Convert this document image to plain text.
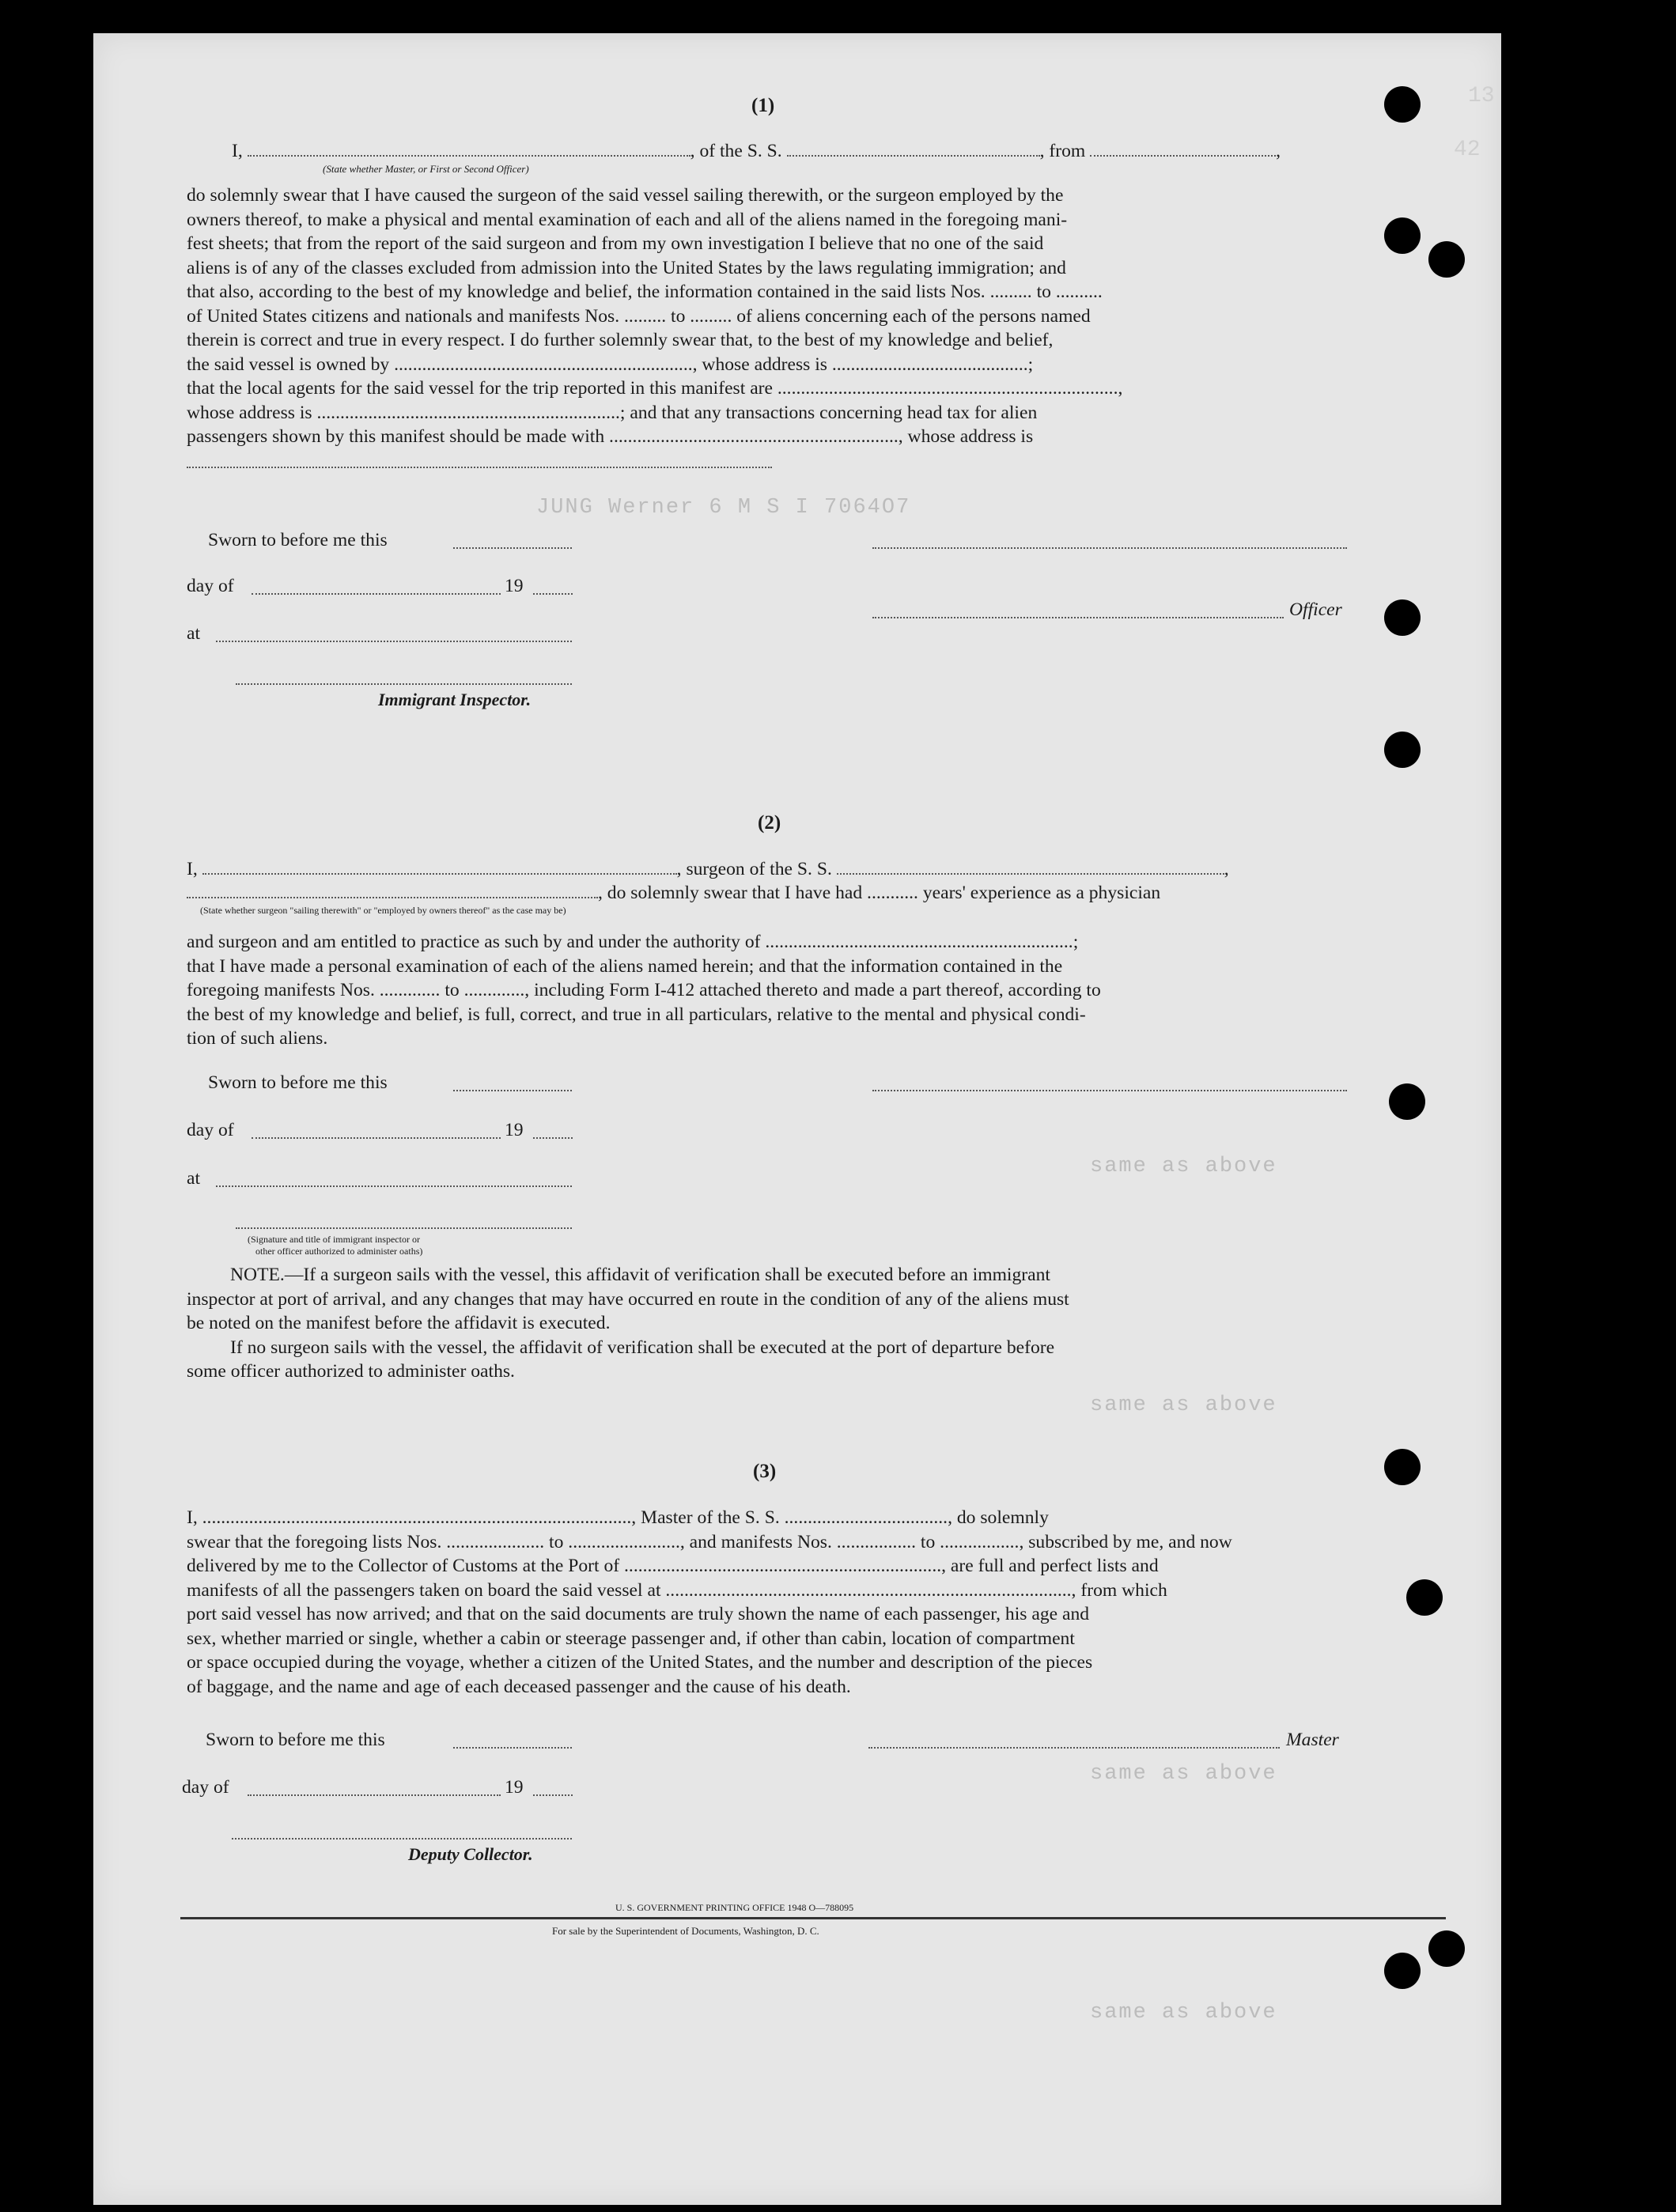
42
13
JUNG Werner 6 M S I 7064O7
same as above
same as above
same as above
same as above
(1)
I,	, of the S. S.	, from	,
(State whether Master, or First or Second Officer)

do solemnly swear that I have caused the surgeon of the said vessel sailing therewith, or the surgeon employed by the

owners thereof, to make a physical and mental examination of each and all of the aliens named in the foregoing mani-

fest sheets; that from the report of the said surgeon and from my own investigation I believe that no one of the said

aliens is of any of the classes excluded from admission into the United States by the laws regulating immigration; and

that also, according to the best of my knowledge and belief, the information contained in the said lists Nos. ......... to ..........

of United States citizens and nationals and manifests Nos. ......... to ......... of aliens concerning each of the persons named

therein is correct and true in every respect. I do further solemnly swear that, to the best of my knowledge and belief,

the said vessel is owned by ................................................................, whose address is ..........................................;

that the local agents for the said vessel for the trip reported in this manifest are .........................................................................,

whose address is .................................................................; and that any transactions concerning head tax for alien

passengers shown by this manifest should be made with .............................................................., whose address is

Sworn to before me this
day of	19
Officer
at
Immigrant Inspector.
(2)
I,	, surgeon of the S. S.	,
, do solemnly swear that I have had ........... years' experience as a physician
(State whether surgeon "sailing therewith" or "employed by owners thereof" as the case may be)

and surgeon and am entitled to practice as such by and under the authority of ..................................................................;

that I have made a personal examination of each of the aliens named herein; and that the information contained in the

foregoing manifests Nos. ............. to ............., including Form I-412 attached thereto and made a part thereof, according to

the best of my knowledge and belief, is full, correct, and true in all particulars, relative to the mental and physical condi-

tion of such aliens.

Sworn to before me this
day of	19
at
(Signature and title of immigrant inspector or
other officer authorized to administer oaths)

NOTE.—If a surgeon sails with the vessel, this affidavit of verification shall be executed before an immigrant

inspector at port of arrival, and any changes that may have occurred en route in the condition of any of the aliens must

be noted on the manifest before the affidavit is executed.

If no surgeon sails with the vessel, the affidavit of verification shall be executed at the port of departure before

some officer authorized to administer oaths.

(3)

I, ............................................................................................, Master of the S. S. ..................................., do solemnly

swear that the foregoing lists Nos. ..................... to ........................, and manifests Nos. ................. to ................., subscribed by me, and now

delivered by me to the Collector of Customs at the Port of ...................................................................., are full and perfect lists and

manifests of all the passengers taken on board the said vessel at ......................................................................................., from which

port said vessel has now arrived; and that on the said documents are truly shown the name of each passenger, his age and

sex, whether married or single, whether a cabin or steerage passenger and, if other than cabin, location of compartment

or space occupied during the voyage, whether a citizen of the United States, and the number and description of the pieces

of baggage, and the name and age of each deceased passenger and the cause of his death.

Sworn to before me this	Master
day of	19
Deputy Collector.
U. S. GOVERNMENT PRINTING OFFICE 1948 O—788095
For sale by the Superintendent of Documents, Washington, D. C.
